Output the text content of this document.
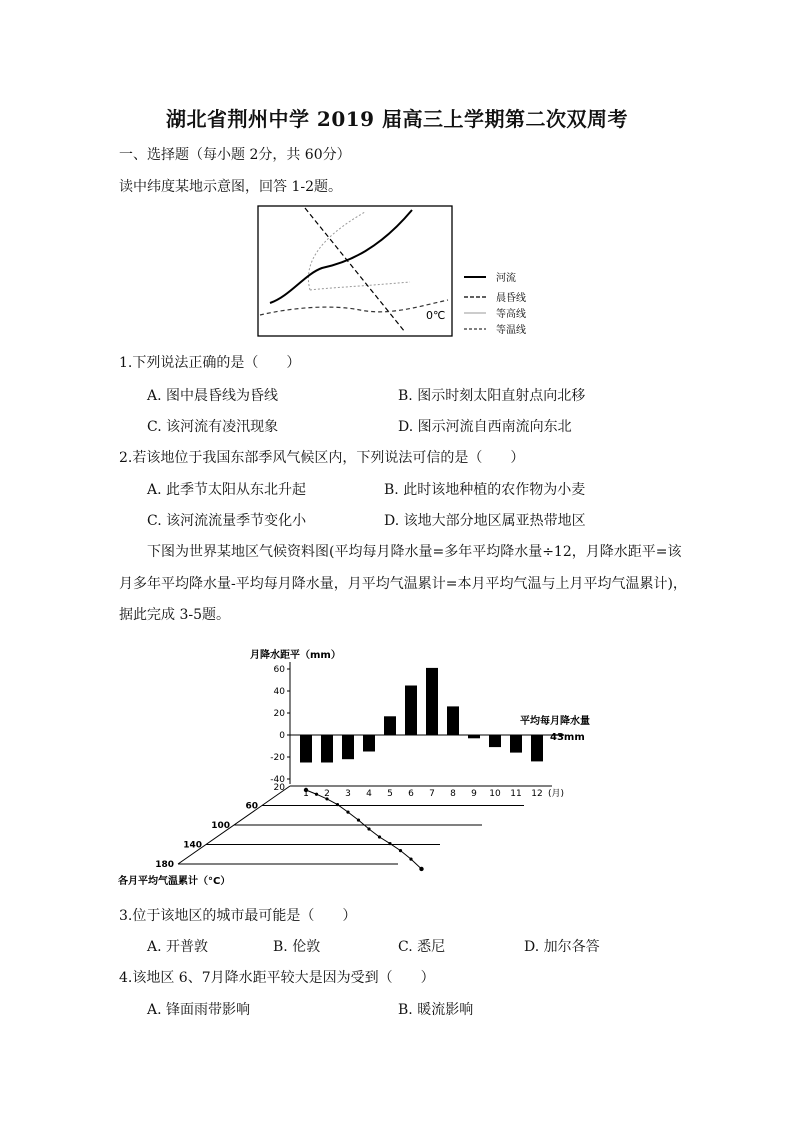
湖北省荆州中学 2019 届高三上学期第二次双周考
一、选择题（每小题 2分，共 60分）
读中纬度某地示意图，回答 1-2题。
0℃
河流
晨昏线
等高线
等温线
1.下列说法正确的是（　　）
A. 图中晨昏线为昏线	B. 图示时刻太阳直射点向北移
C. 该河流有凌汛现象	D. 图示河流自西南流向东北
2.若该地位于我国东部季风气候区内，下列说法可信的是（　　）
A. 此季节太阳从东北升起	B. 此时该地种植的农作物为小麦
C. 该河流流量季节变化小	D. 该地大部分地区属亚热带地区
下图为世界某地区气候资料图(平均每月降水量=多年平均降水量÷12，月降水距平=该
月多年平均降水量-平均每月降水量，月平均气温累计=本月平均气温与上月平均气温累计)，
据此完成 3-5题。
月降水距平（mm）
60
40
20
0
-20
-40
20
1 2 3 4 5 6 7 8 9 10 11 12 (月)
60
100
140
180
平均每月降水量
43mm
各月平均气温累计（°C）
3.位于该地区的城市最可能是（　　）
A. 开普敦	B. 伦敦	C. 悉尼	D. 加尔各答
4.该地区 6、7月降水距平较大是因为受到（　　）
A. 锋面雨带影响	B. 暖流影响
